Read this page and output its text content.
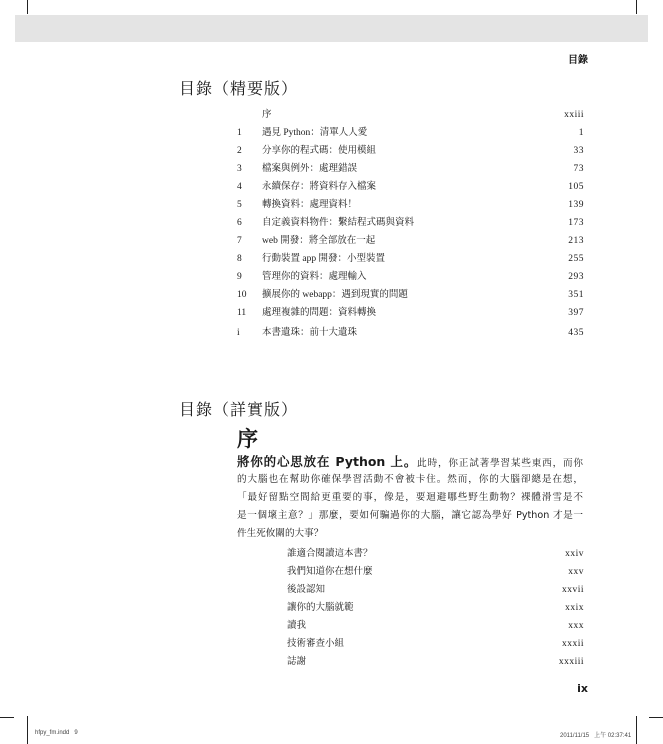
目錄
目錄（精要版）
序	xxiii
1	遇見 Python：清單人人愛	1
2	分享你的程式碼：使用模組	33
3	檔案與例外：處理錯誤	73
4	永續保存：將資料存入檔案	105
5	轉換資料：處理資料！	139
6	自定義資料物件：繫結程式碼與資料	173
7	web 開發：將全部放在一起	213
8	行動裝置 app 開發：小型裝置	255
9	管理你的資料：處理輸入	293
10	擴展你的 webapp：遇到現實的問題	351
11	處理複雜的問題：資料轉換	397
i	本書遺珠：前十大遺珠	435
目錄（詳實版）
序
將你的心思放在 Python 上。此時，你正試著學習某些東西，而你
的大腦也在幫助你確保學習活動不會被卡住。然而，你的大腦卻總是在想，
「最好留點空間給更重要的事，像是，要迴避哪些野生動物？裸體滑雪是不
是一個壞主意？」那麼，要如何騙過你的大腦，讓它認為學好 Python 才是一
件生死攸關的大事？
誰適合閱讀這本書？	xxiv
我們知道你在想什麼	xxv
後設認知	xxvii
讓你的大腦就範	xxix
讀我	xxx
技術審查小組	xxxii
誌謝	xxxiii
ix
hfpy_fm.indd   9	2011/11/15   上午 02:37:41
